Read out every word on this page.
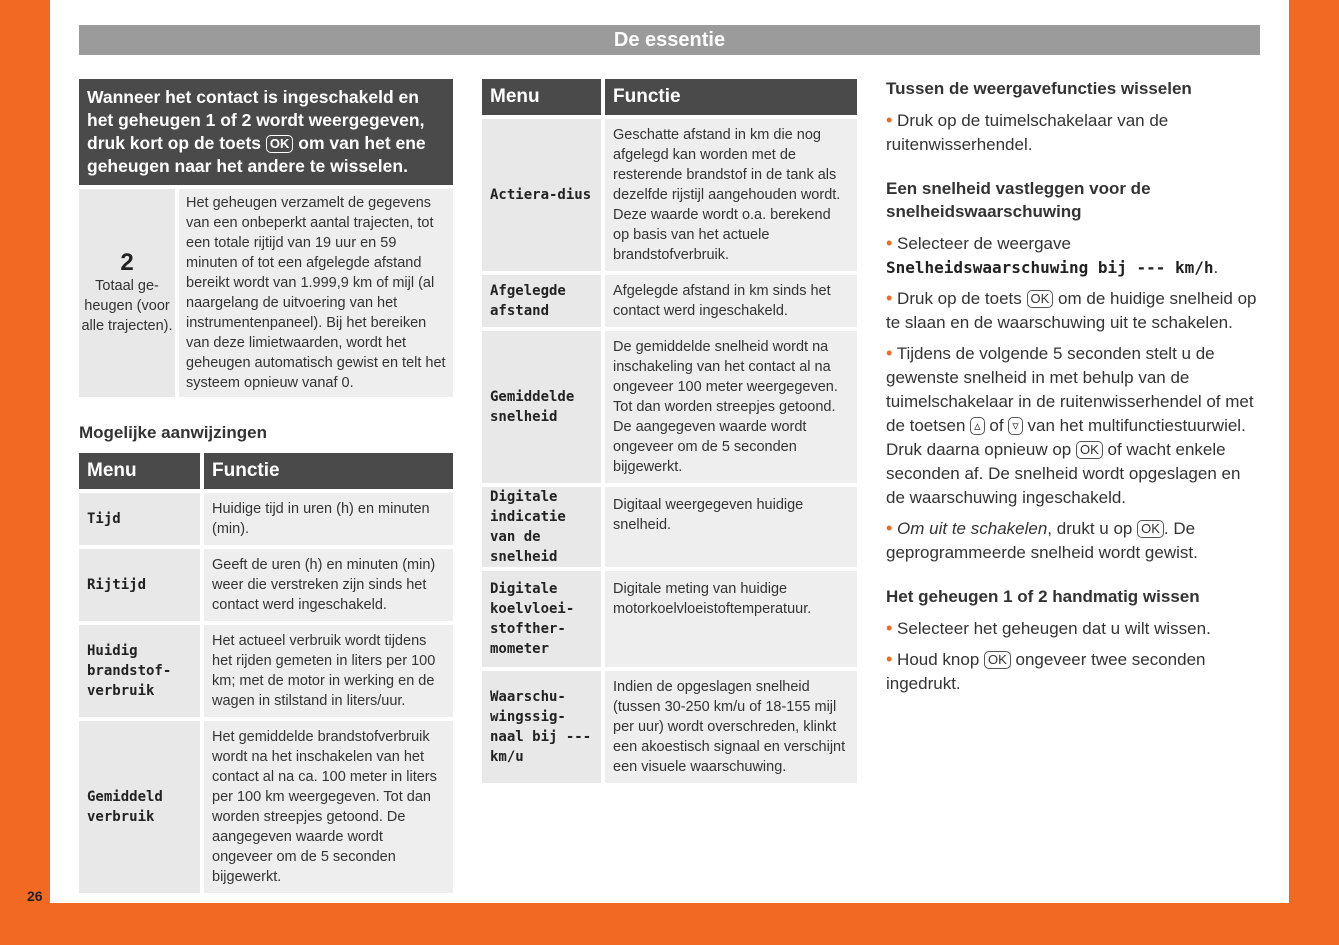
De essentie
26
Wanneer het contact is ingeschakeld en het geheugen 1 of 2 wordt weergegeven, druk kort op de toets OK om van het ene geheugen naar het andere te wisselen.
2
Totaal ge-heugen (voor alle trajecten).
	Het geheugen verzamelt de gegevens van een onbeperkt aantal trajecten, tot een totale rijtijd van 19 uur en 59 minuten of tot een afgelegde afstand bereikt wordt van 1.999,9 km of mijl (al naargelang de uitvoering van het instrumentenpaneel). Bij het bereiken van deze limietwaarden, wordt het geheugen automatisch gewist en telt het systeem opnieuw vanaf 0.
Mogelijke aanwijzingen
Menu	Functie
Tijd	Huidige tijd in uren (h) en minuten (min).
Rijtijd	Geeft de uren (h) en minuten (min) weer die verstreken zijn sinds het contact werd ingeschakeld.
Huidig brandstof-verbruik	Het actueel verbruik wordt tijdens het rijden gemeten in liters per 100 km; met de motor in werking en de wagen in stilstand in liters/uur.
Gemiddeld verbruik	Het gemiddelde brandstofverbruik wordt na het inschakelen van het contact al na ca. 100 meter in liters per 100 km weergegeven. Tot dan worden streepjes getoond. De aangegeven waarde wordt ongeveer om de 5 seconden bijgewerkt.
Menu	Functie
Actiera-dius	Geschatte afstand in km die nog afgelegd kan worden met de resterende brandstof in de tank als dezelfde rijstijl aangehouden wordt. Deze waarde wordt o.a. berekend op basis van het actuele brandstofverbruik.
Afgelegde afstand	Afgelegde afstand in km sinds het contact werd ingeschakeld.
Gemiddelde snelheid	De gemiddelde snelheid wordt na inschakeling van het contact al na ongeveer 100 meter weergegeven. Tot dan worden streepjes getoond. De aangegeven waarde wordt ongeveer om de 5 seconden bijgewerkt.
Digitale indicatie van de snelheid	Digitaal weergegeven huidige snelheid.
Digitale koelvloei-stofther-mometer	Digitale meting van huidige motorkoelvloeistoftemperatuur.
Waarschu-wingssig-naal bij --- km/u	Indien de opgeslagen snelheid (tussen 30-250 km/u of 18-155 mijl per uur) wordt overschreden, klinkt een akoestisch signaal en verschijnt een visuele waarschuwing.
Tussen de weergavefuncties wisselen

• Druk op de tuimelschakelaar van de ruitenwisserhendel.

Een snelheid vastleggen voor de snelheidswaarschuwing

• Selecteer de weergave Snelheidswaarschuwing bij --- km/h.

• Druk op de toets OK om de huidige snelheid op te slaan en de waarschuwing uit te schakelen.

• Tijdens de volgende 5 seconden stelt u de gewenste snelheid in met behulp van de tuimelschakelaar in de ruitenwisserhendel of met de toetsen ▵ of ▿ van het multifunctiestuurwiel. Druk daarna opnieuw op OK of wacht enkele seconden af. De snelheid wordt opgeslagen en de waarschuwing ingeschakeld.

• Om uit te schakelen, drukt u op OK . De geprogrammeerde snelheid wordt gewist.

Het geheugen 1 of 2 handmatig wissen

• Selecteer het geheugen dat u wilt wissen.

• Houd knop OK ongeveer twee seconden ingedrukt.
